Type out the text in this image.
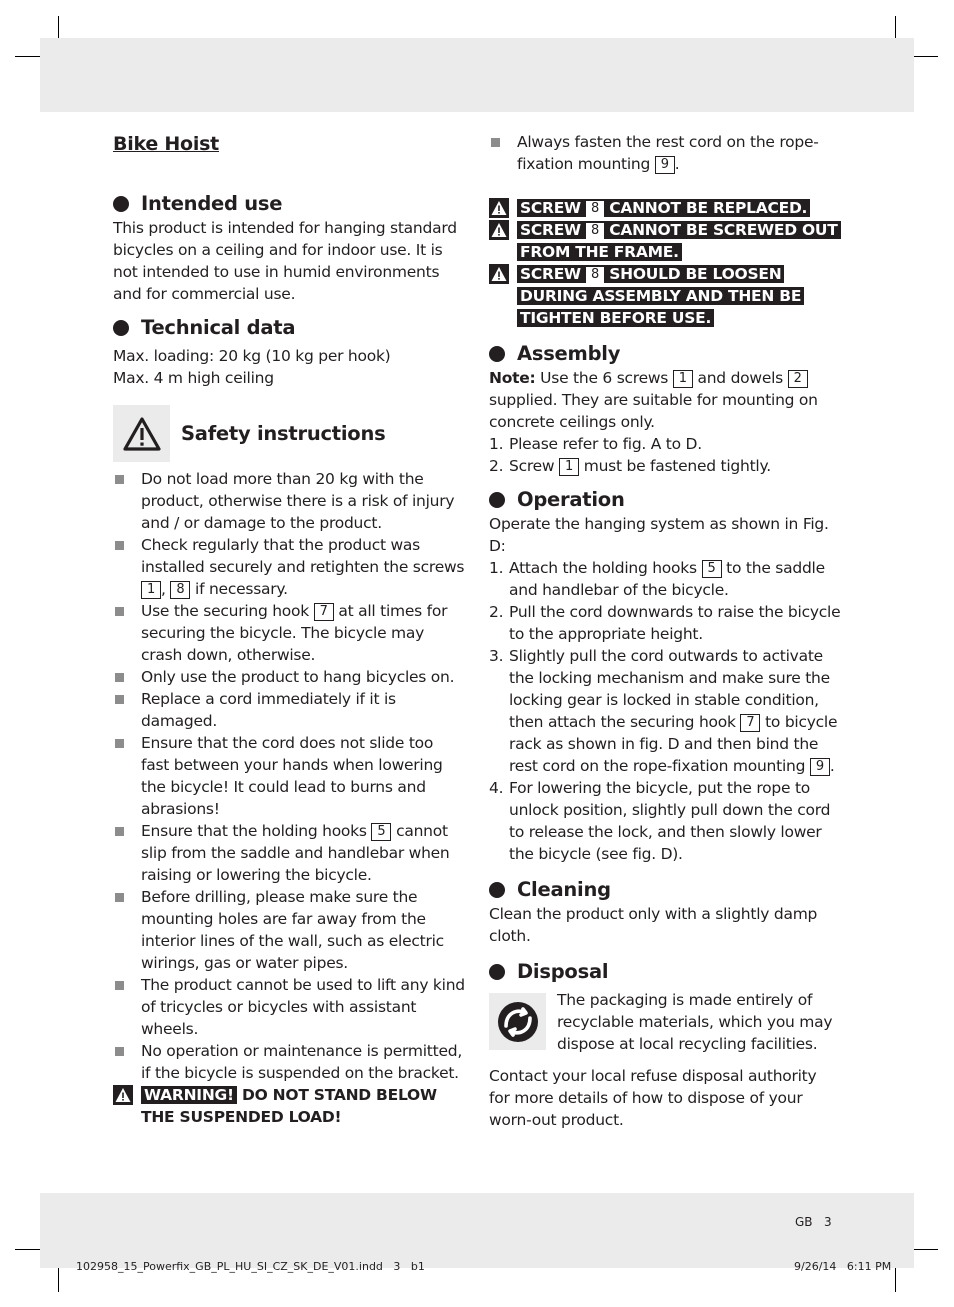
Bike Hoist
Intended use

This product is intended for hanging standard bicycles on a ceiling and for indoor use. It is not intended to use in humid environments and for commercial use.

Technical data

Max. loading: 20 kg (10 kg per hook)

Max. 4 m high ceiling

Safety instructions
Do not load more than 20 kg with the product, otherwise there is a risk of injury and / or damage to the product.
Check regularly that the product was installed securely and retighten the screws 1 , 8 if necessary.
Use the securing hook 7 at all times for securing the bicycle. The bicycle may crash down, otherwise.
Only use the product to hang bicycles on.
Replace a cord immediately if it is damaged.
Ensure that the cord does not slide too fast between your hands when lowering the bicycle! It could lead to burns and abrasions!
Ensure that the holding hooks 5 cannot slip from the saddle and handlebar when raising or lowering the bicycle.
Before drilling, please make sure the mounting holes are far away from the interior lines of the wall, such as electric wirings, gas or water pipes.
The product cannot be used to lift any kind of tricycles or bicycles with assistant wheels.
No operation or maintenance is permitted, if the bicycle is suspended on the bracket.
WARNING! DO NOT STAND BELOW THE SUSPENDED LOAD!
Always fasten the rest cord on the rope-fixation mounting 9 .
SCREW 8 CANNOT BE REPLACED.
SCREW 8 CANNOT BE SCREWED OUT FROM THE FRAME.
SCREW 8 SHOULD BE LOOSEN DURING ASSEMBLY AND THEN BE TIGHTEN BEFORE USE.
Assembly

Note: Use the 6 screws 1 and dowels 2 supplied. They are suitable for mounting on concrete ceilings only.

1. Please refer to fig. A to D.
2. Screw 1 must be fastened tightly.
Operation

Operate the hanging system as shown in Fig. D:

1. Attach the holding hooks 5 to the saddle and handlebar of the bicycle.
2. Pull the cord downwards to raise the bicycle to the appropriate height.
3. Slightly pull the cord outwards to activate the locking mechanism and make sure the locking gear is locked in stable condition, then attach the securing hook 7 to bicycle rack as shown in fig. D and then bind the rest cord on the rope-fixation mounting 9 .
4. For lowering the bicycle, put the rope to unlock position, slightly pull down the cord to release the lock, and then slowly lower the bicycle (see fig. D).
Cleaning

Clean the product only with a slightly damp cloth.

Disposal

The packaging is made entirely of recyclable materials, which you may dispose at local recycling facilities.

Contact your local refuse disposal authority for more details of how to dispose of your worn-out product.

GB   3
102958_15_Powerfix_GB_PL_HU_SI_CZ_SK_DE_V01.indd   3   b1	9/26/14   6:11 PM
